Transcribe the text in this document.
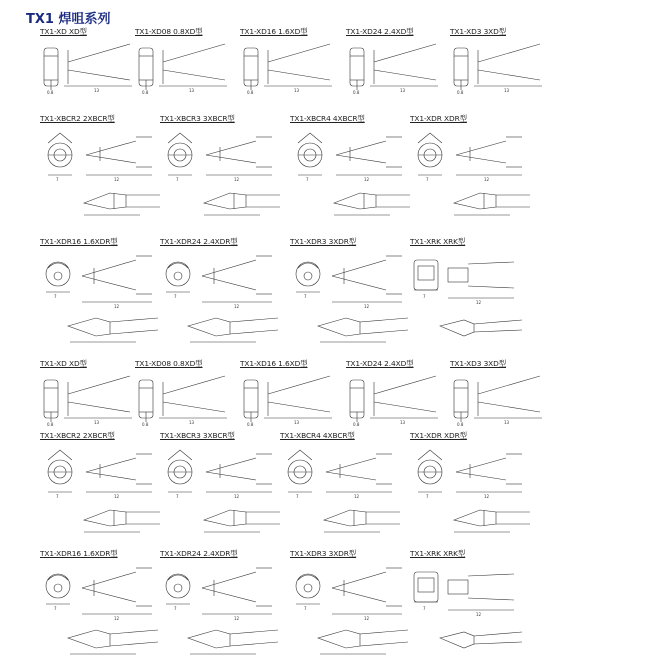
TX1 焊咀系列
TX1-XD XD型
0.8	13
TX1-XD08 0.8XD型
0.8	13
TX1-XD16 1.6XD型
0.8	13
TX1-XD24 2.4XD型
0.8	13
TX1-XD3 3XD型
0.8	13
TX1-XBCR2 2XBCR型
7	12
TX1-XBCR3 3XBCR型
7	12
TX1-XBCR4 4XBCR型
7	12
TX1-XDR XDR型
7	12
TX1-XDR16 1.6XDR型
7
12
TX1-XDR24 2.4XDR型
7
12
TX1-XDR3 3XDR型
7
12
TX1-XRK XRK型
7
12
TX1-XD XD型
0.8	13
TX1-XD08 0.8XD型
0.8	13
TX1-XD16 1.6XD型
0.8	13
TX1-XD24 2.4XD型
0.8	13
TX1-XD3 3XD型
0.8	13
TX1-XBCR2 2XBCR型
7	12
TX1-XBCR3 3XBCR型
7	12
TX1-XBCR4 4XBCR型
7	12
TX1-XDR XDR型
7	12
TX1-XDR16 1.6XDR型
7
12
TX1-XDR24 2.4XDR型
7
12
TX1-XDR3 3XDR型
7
12
TX1-XRK XRK型
7
12
